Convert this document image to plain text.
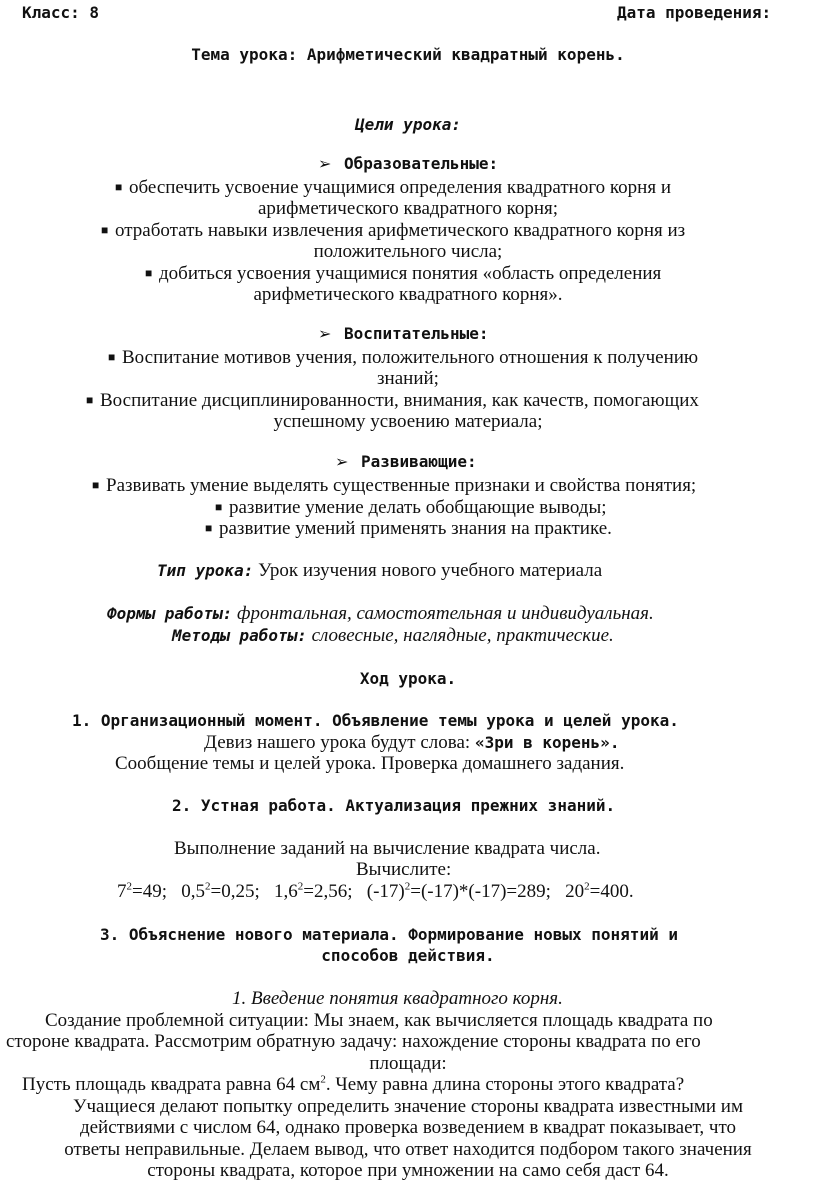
Класс: 8	Дата проведения:
Тема урока: Арифметический квадратный корень.
Цели урока:
➢ Образовательные:
■ обеспечить усвоение учащимися определения квадратного корня и
арифметического квадратного корня;
■ отработать навыки извлечения арифметического квадратного корня из
положительного числа;
■ добиться усвоения учащимися понятия «область определения
арифметического квадратного корня».
➢ Воспитательные:
■ Воспитание мотивов учения, положительного отношения к получению
знаний;
■ Воспитание дисциплинированности, внимания, как качеств, помогающих
успешному усвоению материала;
➢ Развивающие:
■ Развивать умение выделять существенные признаки и свойства понятия;
■ развитие умение делать обобщающие выводы;
■ развитие умений применять знания на практике.
Тип урока: Урок изучения нового учебного материала
Формы работы: фронтальная, самостоятельная и индивидуальная.
Методы работы: словесные, наглядные, практические.
Ход урока.
1. Организационный момент. Объявление темы урока и целей урока.
Девиз нашего урока будут слова: «Зри в корень».
Сообщение темы и целей урока. Проверка домашнего задания.
2. Устная работа. Актуализация прежних знаний.
Выполнение заданий на вычисление квадрата числа.
Вычислите:
$7^2=49$;   $0,5^2=0,25$;   $1,6^2=2,56$;   $(-17)^2=(-17)*(-17)=289$;   $20^2=400$.
3. Объяснение нового материала. Формирование новых понятий и
способов действия.
1. Введение понятия квадратного корня.
Создание проблемной ситуации: Мы знаем, как вычисляется площадь квадрата по
стороне квадрата. Рассмотрим обратную задачу: нахождение стороны квадрата по его
площади:
Пусть площадь квадрата равна 64 $см^2$. Чему равна длина стороны этого квадрата?
Учащиеся делают попытку определить значение стороны квадрата известными им
действиями с числом 64, однако проверка возведением в квадрат показывает, что
ответы неправильные. Делаем вывод, что ответ находится подбором такого значения
стороны квадрата, которое при умножении на само себя даст 64.
